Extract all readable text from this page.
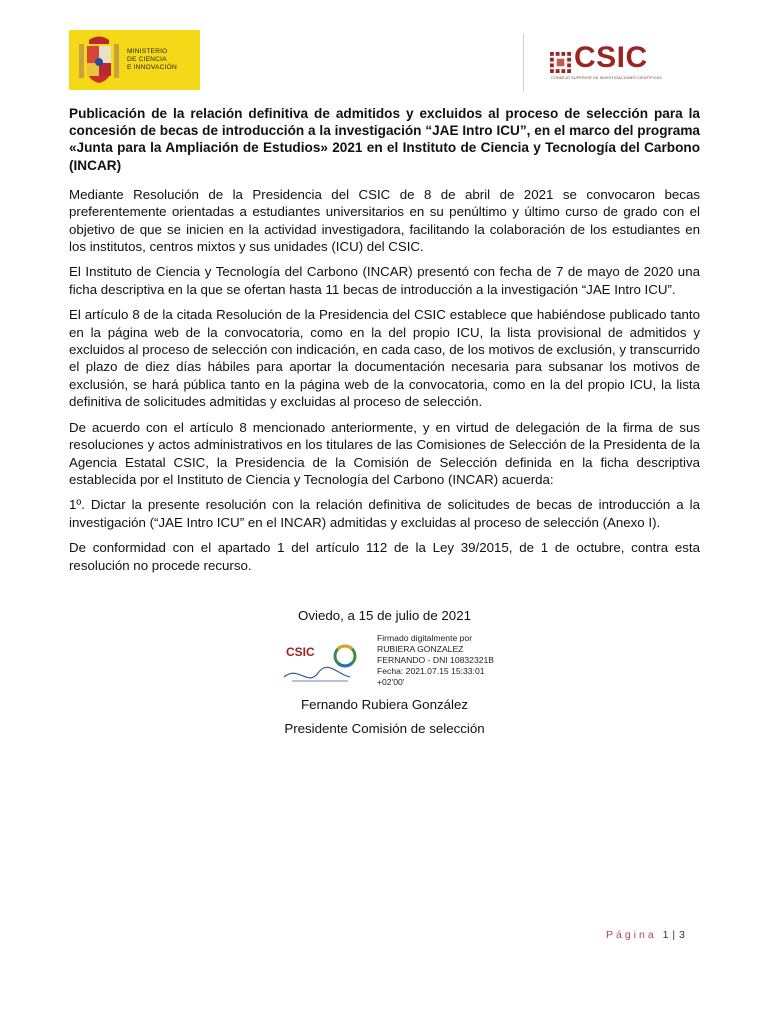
MINISTERIO
DE CIENCIA
E INNOVACIÓN	CSIC
CONSEJO SUPERIOR DE INVESTIGACIONES CIENTÍFICAS
Publicación de la relación definitiva de admitidos y excluidos al proceso de selección para la concesión de becas de introducción a la investigación “JAE Intro ICU”, en el marco del programa «Junta para la Ampliación de Estudios» 2021 en el Instituto de Ciencia y Tecnología del Carbono (INCAR)

Mediante Resolución de la Presidencia del CSIC de 8 de abril de 2021 se convocaron becas preferentemente orientadas a estudiantes universitarios en su penúltimo y último curso de grado con el objetivo de que se inicien en la actividad investigadora, facilitando la colaboración de los estudiantes en los institutos, centros mixtos y sus unidades (ICU) del CSIC.

El Instituto de Ciencia y Tecnología del Carbono (INCAR) presentó con fecha de 7 de mayo de 2020 una ficha descriptiva en la que se ofertan hasta 11 becas de introducción a la investigación “JAE Intro ICU”.

El artículo 8 de la citada Resolución de la Presidencia del CSIC establece que habiéndose publicado tanto en la página web de la convocatoria, como en la del propio ICU, la lista provisional de admitidos y excluidos al proceso de selección con indicación, en cada caso, de los motivos de exclusión, y transcurrido el plazo de diez días hábiles para aportar la documentación necesaria para subsanar los motivos de exclusión, se hará pública tanto en la página web de la convocatoria, como en la del propio ICU, la lista definitiva de solicitudes admitidas y excluidas al proceso de selección.

De acuerdo con el artículo 8 mencionado anteriormente, y en virtud de delegación de la firma de sus resoluciones y actos administrativos en los titulares de las Comisiones de Selección de la Presidenta de la Agencia Estatal CSIC, la Presidencia de la Comisión de Selección definida en la ficha descriptiva establecida por el Instituto de Ciencia y Tecnología del Carbono (INCAR) acuerda:

1º. Dictar la presente resolución con la relación definitiva de solicitudes de becas de introducción a la investigación (“JAE Intro ICU” en el INCAR) admitidas y excluidas al proceso de selección (Anexo I).

De conformidad con el apartado 1 del artículo 112 de la Ley 39/2015, de 1 de octubre, contra esta resolución no procede recurso.

Oviedo, a 15 de julio de 2021
CSIC
Firmado digitalmente por
RUBIERA GONZALEZ
FERNANDO - DNI 10832321B
Fecha: 2021.07.15 15:33:01
+02'00'
Fernando Rubiera González
Presidente Comisión de selección
Página 1 | 3
